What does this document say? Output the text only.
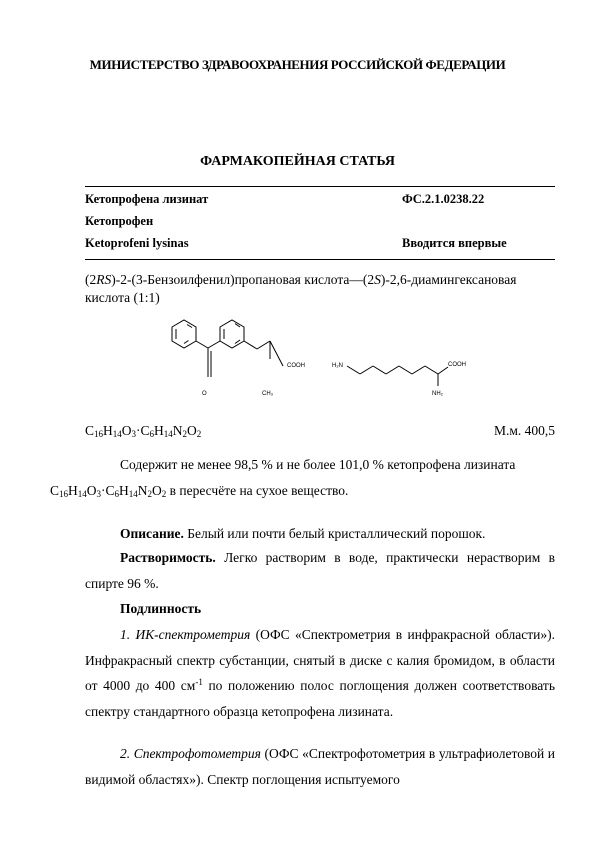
МИНИСТЕРСТВО ЗДРАВООХРАНЕНИЯ РОССИЙСКОЙ ФЕДЕРАЦИИ
ФАРМАКОПЕЙНАЯ СТАТЬЯ
Кетопрофена лизинат	ФС.2.1.0238.22
Кетопрофен
Ketoprofeni lysinas	Вводится впервые
(2RS)-2-(3-Бензоилфенил)пропановая кислота—(2S)-2,6-диамингексановая кислота (1:1)
O	CH₃
COOH	H₂N	COOH
NH₂
$C_{16}H_{14}O_3\cdot C_6H_{14}N_2O_2$	М.м. 400,5
Содержит не менее 98,5 % и не более 101,0 % кетопрофена лизината
$C_{16}H_{14}O_3\cdot C_6H_{14}N_2O_2$ в пересчёте на сухое вещество.
Описание. Белый или почти белый кристаллический порошок.
Растворимость. Легко растворим в воде, практически нерастворим в спирте 96 %.
Подлинность
1. ИК-спектрометрия (ОФС «Спектрометрия в инфракрасной области»). Инфракрасный спектр субстанции, снятый в диске с калия бромидом, в области от 4000 до 400 $см^{-1}$ по положению полос поглощения должен соответствовать спектру стандартного образца кетопрофена лизината.
2. Спектрофотометрия (ОФС «Спектрофотометрия в ультрафиолетовой и видимой областях»). Спектр поглощения испытуемого
